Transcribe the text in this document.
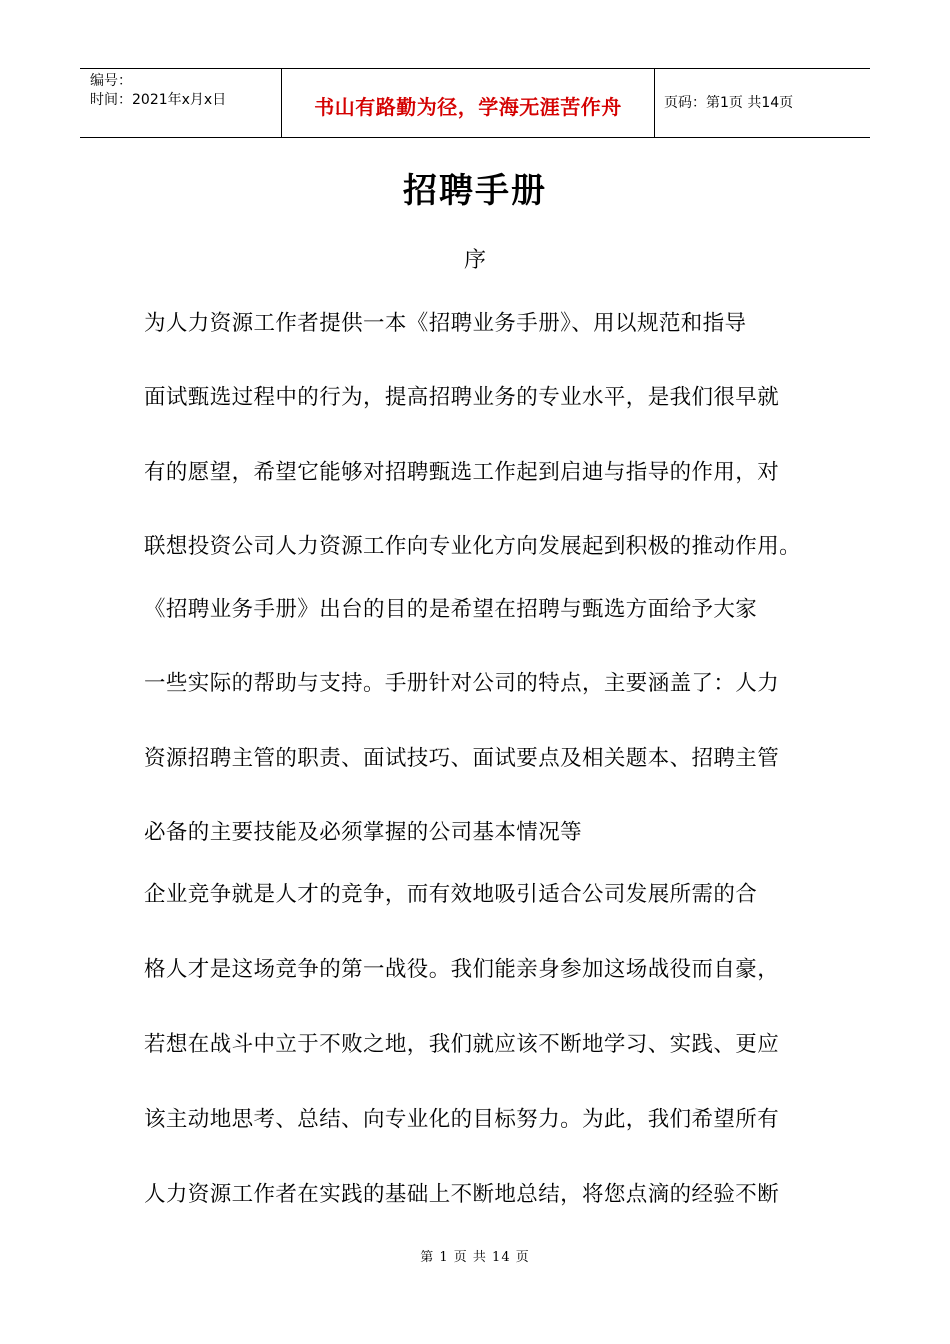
编号：
时间：2021年x月x日	书山有路勤为径，学海无涯苦作舟	页码：第1页 共14页
招聘手册
序
为人力资源工作者提供一本《招聘业务手册》、用以规范和指导
面试甄选过程中的行为，提高招聘业务的专业水平，是我们很早就
有的愿望，希望它能够对招聘甄选工作起到启迪与指导的作用，对
联想投资公司人力资源工作向专业化方向发展起到积极的推动作用。
《招聘业务手册》出台的目的是希望在招聘与甄选方面给予大家
一些实际的帮助与支持。手册针对公司的特点，主要涵盖了：人力
资源招聘主管的职责、面试技巧、面试要点及相关题本、招聘主管
必备的主要技能及必须掌握的公司基本情况等
企业竞争就是人才的竞争，而有效地吸引适合公司发展所需的合
格人才是这场竞争的第一战役。我们能亲身参加这场战役而自豪，
若想在战斗中立于不败之地，我们就应该不断地学习、实践、更应
该主动地思考、总结、向专业化的目标努力。为此，我们希望所有
人力资源工作者在实践的基础上不断地总结，将您点滴的经验不断
第 1 页 共 14 页
